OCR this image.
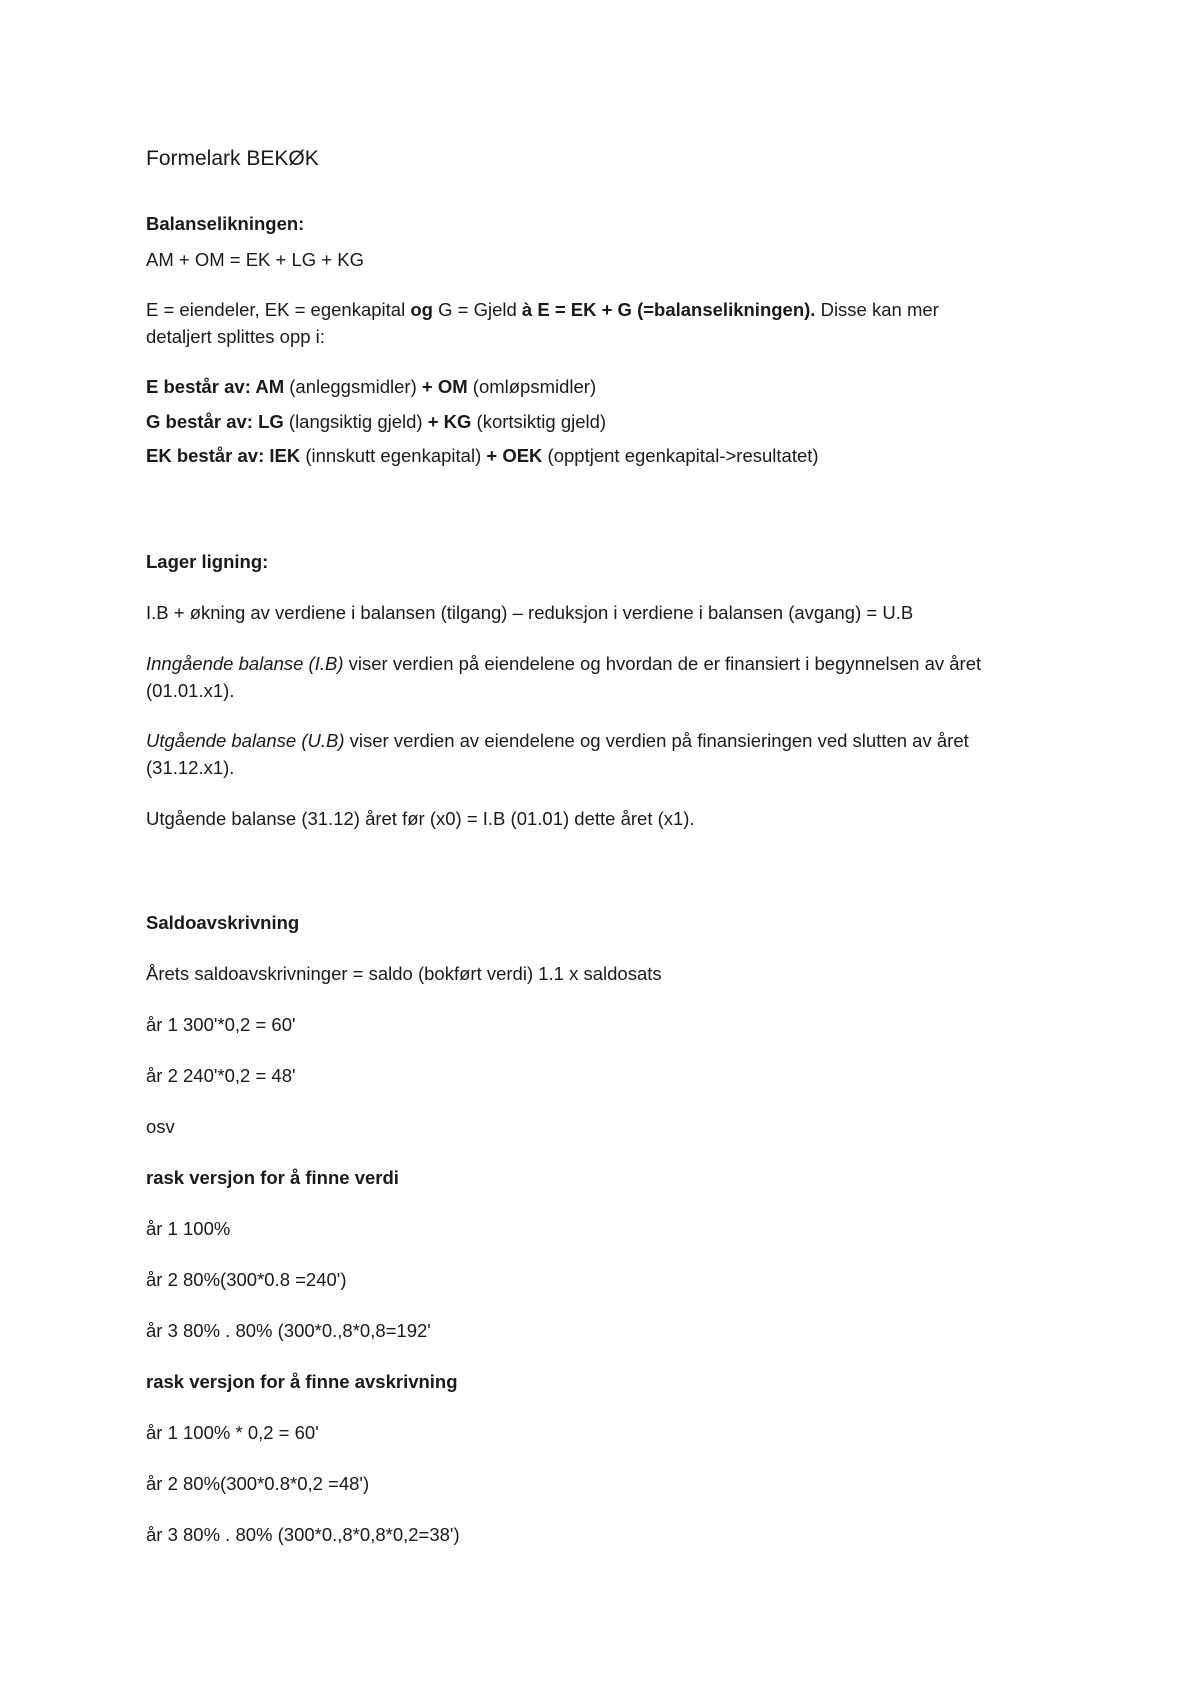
Formelark BEKØK

Balanselikningen:

AM + OM = EK + LG + KG

E = eiendeler, EK = egenkapital og G = Gjeld à E = EK + G (=balanselikningen). Disse kan mer

detaljert splittes opp i:

E består av: AM (anleggsmidler) + OM (omløpsmidler)

G består av: LG (langsiktig gjeld) + KG (kortsiktig gjeld)

EK består av: IEK (innskutt egenkapital) + OEK (opptjent egenkapital->resultatet)

Lager ligning:

I.B + økning av verdiene i balansen (tilgang) – reduksjon i verdiene i balansen (avgang) = U.B

Inngående balanse (I.B) viser verdien på eiendelene og hvordan de er finansiert i begynnelsen av året

(01.01.x1).

Utgående balanse (U.B) viser verdien av eiendelene og verdien på finansieringen ved slutten av året

(31.12.x1).

Utgående balanse (31.12) året før (x0) = I.B (01.01) dette året (x1).

Saldoavskrivning

Årets saldoavskrivninger = saldo (bokført verdi) 1.1 x saldosats

år 1 300'*0,2 = 60'

år 2 240'*0,2 = 48'

osv

rask versjon for å finne verdi

år 1 100%

år 2 80%(300*0.8 =240')

år 3 80% . 80% (300*0.,8*0,8=192'

rask versjon for å finne avskrivning

år 1 100% * 0,2 = 60'

år 2 80%(300*0.8*0,2 =48')

år 3 80% . 80% (300*0.,8*0,8*0,2=38')
